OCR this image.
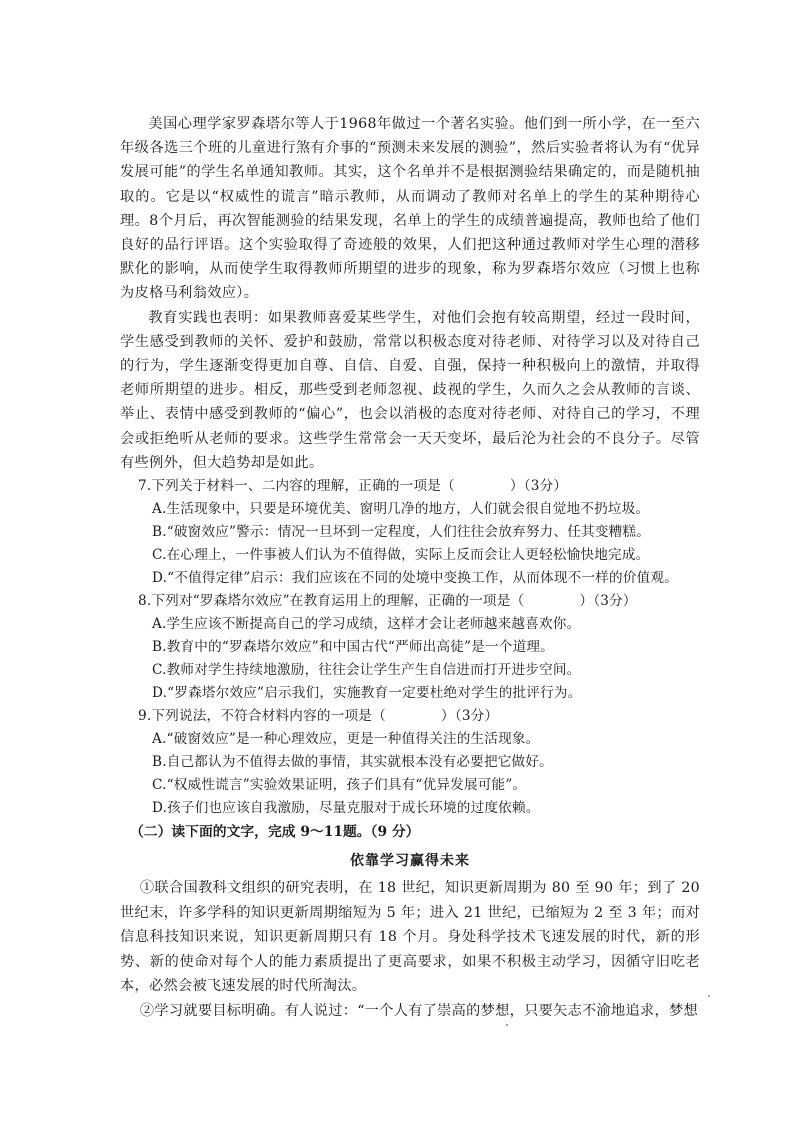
美国心理学家罗森塔尔等人于1968年做过一个著名实验。他们到一所小学，在一至六年级各选三个班的儿童进行煞有介事的“预测未来发展的测验”，然后实验者将认为有“优异发展可能”的学生名单通知教师。其实，这个名单并不是根据测验结果确定的，而是随机抽取的。它是以“权威性的谎言”暗示教师，从而调动了教师对名单上的学生的某种期待心理。8个月后，再次智能测验的结果发现，名单上的学生的成绩普遍提高，教师也给了他们良好的品行评语。这个实验取得了奇迹般的效果，人们把这种通过教师对学生心理的潜移默化的影响，从而使学生取得教师所期望的进步的现象，称为罗森塔尔效应（习惯上也称为皮格马利翁效应）。

教育实践也表明：如果教师喜爱某些学生，对他们会抱有较高期望，经过一段时间，学生感受到教师的关怀、爱护和鼓励，常常以积极态度对待老师、对待学习以及对待自己的行为，学生逐渐变得更加自尊、自信、自爱、自强，保持一种积极向上的激情，并取得老师所期望的进步。相反，那些受到老师忽视、歧视的学生，久而久之会从教师的言谈、举止、表情中感受到教师的“偏心”，也会以消极的态度对待老师、对待自己的学习，不理会或拒绝听从老师的要求。这些学生常常会一天天变坏，最后沦为社会的不良分子。尽管有些例外，但大趋势却是如此。

7.下列关于材料一、二内容的理解，正确的一项是（　　　　）（3分）

A.生活现象中，只要是环境优美、窗明几净的地方，人们就会很自觉地不扔垃圾。

B.“破窗效应”警示：情况一旦坏到一定程度，人们往往会放弃努力、任其变糟糕。

C.在心理上，一件事被人们认为不值得做，实际上反而会让人更轻松愉快地完成。

D.“不值得定律”启示：我们应该在不同的处境中变换工作，从而体现不一样的价值观。

8.下列对“罗森塔尔效应”在教育运用上的理解，正确的一项是（　　　　）（3分）

A.学生应该不断提高自己的学习成绩，这样才会让老师越来越喜欢你。

B.教育中的“罗森塔尔效应”和中国古代“严师出高徒”是一个道理。

C.教师对学生持续地激励，往往会让学生产生自信进而打开进步空间。

D.“罗森塔尔效应”启示我们，实施教育一定要杜绝对学生的批评行为。

9.下列说法，不符合材料内容的一项是（　　　　）（3分）

A.“破窗效应”是一种心理效应，更是一种值得关注的生活现象。

B.自己都认为不值得去做的事情，其实就根本没有必要把它做好。

C.“权威性谎言”实验效果证明，孩子们具有“优异发展可能”。

D.孩子们也应该自我激励，尽量克服对于成长环境的过度依赖。

（二）读下面的文字，完成 9～11题。（9 分）

依靠学习赢得未来

①联合国教科文组织的研究表明，在 18 世纪，知识更新周期为 80 至 90 年；到了 20 世纪末，许多学科的知识更新周期缩短为 5 年；进入 21 世纪，已缩短为 2 至 3 年；而对信息科技知识来说，知识更新周期只有 18 个月。身处科学技术飞速发展的时代，新的形势、新的使命对每个人的能力素质提出了更高要求，如果不积极主动学习，因循守旧吃老本，必然会被飞速发展的时代所淘汰。

②学习就要目标明确。有人说过：“一个人有了崇高的梦想，只要矢志不渝地追求，梦想
